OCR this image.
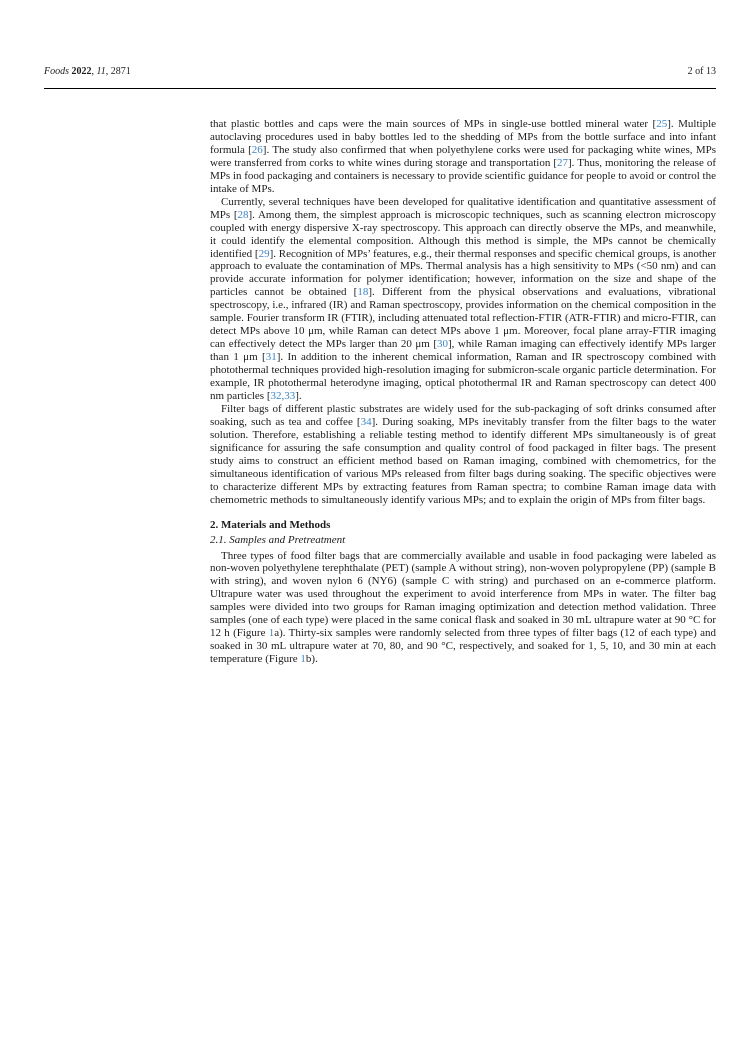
Foods 2022, 11, 2871	2 of 13

that plastic bottles and caps were the main sources of MPs in single-use bottled mineral water [25]. Multiple autoclaving procedures used in baby bottles led to the shedding of MPs from the bottle surface and into infant formula [26]. The study also confirmed that when polyethylene corks were used for packaging white wines, MPs were transferred from corks to white wines during storage and transportation [27]. Thus, monitoring the release of MPs in food packaging and containers is necessary to provide scientific guidance for people to avoid or control the intake of MPs.

Currently, several techniques have been developed for qualitative identification and quantitative assessment of MPs [28]. Among them, the simplest approach is microscopic techniques, such as scanning electron microscopy coupled with energy dispersive X-ray spectroscopy. This approach can directly observe the MPs, and meanwhile, it could identify the elemental composition. Although this method is simple, the MPs cannot be chemically identified [29]. Recognition of MPs’ features, e.g., their thermal responses and specific chemical groups, is another approach to evaluate the contamination of MPs. Thermal analysis has a high sensitivity to MPs (<50 nm) and can provide accurate information for polymer identification; however, information on the size and shape of the particles cannot be obtained [18]. Different from the physical observations and evaluations, vibrational spectroscopy, i.e., infrared (IR) and Raman spectroscopy, provides information on the chemical composition in the sample. Fourier transform IR (FTIR), including attenuated total reflection-FTIR (ATR-FTIR) and micro-FTIR, can detect MPs above 10 μm, while Raman can detect MPs above 1 μm. Moreover, focal plane array-FTIR imaging can effectively detect the MPs larger than 20 μm [30], while Raman imaging can effectively identify MPs larger than 1 μm [31]. In addition to the inherent chemical information, Raman and IR spectroscopy combined with photothermal techniques provided high-resolution imaging for submicron-scale organic particle determination. For example, IR photothermal heterodyne imaging, optical photothermal IR and Raman spectroscopy can detect 400 nm particles [32,33].

Filter bags of different plastic substrates are widely used for the sub-packaging of soft drinks consumed after soaking, such as tea and coffee [34]. During soaking, MPs inevitably transfer from the filter bags to the water solution. Therefore, establishing a reliable testing method to identify different MPs simultaneously is of great significance for assuring the safe consumption and quality control of food packaged in filter bags. The present study aims to construct an efficient method based on Raman imaging, combined with chemometrics, for the simultaneous identification of various MPs released from filter bags during soaking. The specific objectives were to characterize different MPs by extracting features from Raman spectra; to combine Raman image data with chemometric methods to simultaneously identify various MPs; and to explain the origin of MPs from filter bags.

2. Materials and Methods
2.1. Samples and Pretreatment

Three types of food filter bags that are commercially available and usable in food packaging were labeled as non-woven polyethylene terephthalate (PET) (sample A without string), non-woven polypropylene (PP) (sample B with string), and woven nylon 6 (NY6) (sample C with string) and purchased on an e-commerce platform. Ultrapure water was used throughout the experiment to avoid interference from MPs in water. The filter bag samples were divided into two groups for Raman imaging optimization and detection method validation. Three samples (one of each type) were placed in the same conical flask and soaked in 30 mL ultrapure water at 90 °C for 12 h (Figure 1a). Thirty-six samples were randomly selected from three types of filter bags (12 of each type) and soaked in 30 mL ultrapure water at 70, 80, and 90 °C, respectively, and soaked for 1, 5, 10, and 30 min at each temperature (Figure 1b).
